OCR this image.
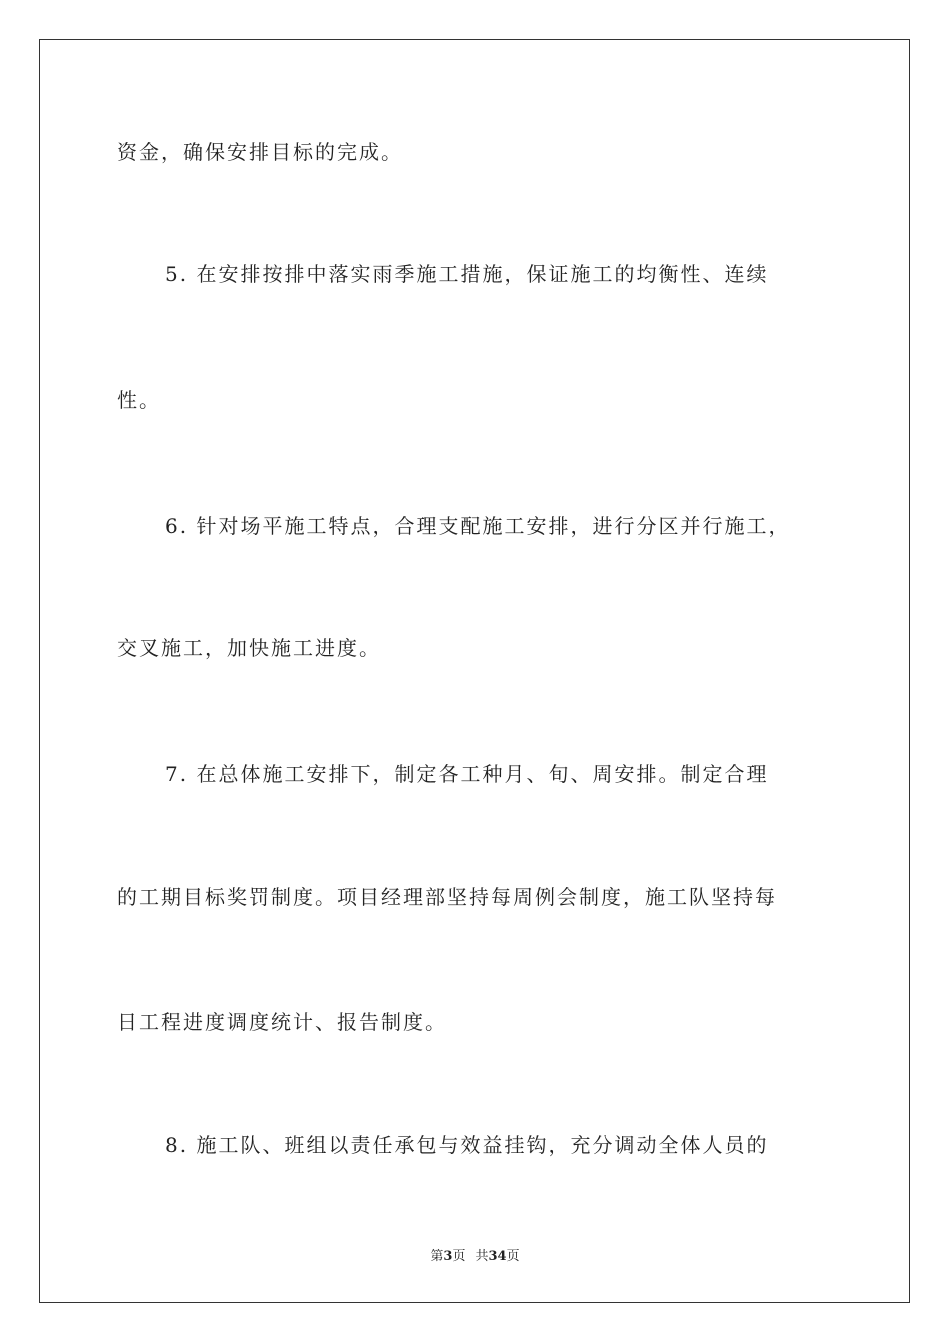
资金，确保安排目标的完成。
5. 在安排按排中落实雨季施工措施，保证施工的均衡性、连续
性。
6. 针对场平施工特点，合理支配施工安排，进行分区并行施工，
交叉施工，加快施工进度。
7. 在总体施工安排下，制定各工种月、旬、周安排。制定合理
的工期目标奖罚制度。项目经理部坚持每周例会制度，施工队坚持每
日工程进度调度统计、报告制度。
8. 施工队、班组以责任承包与效益挂钩，充分调动全体人员的
第3页 共34页
